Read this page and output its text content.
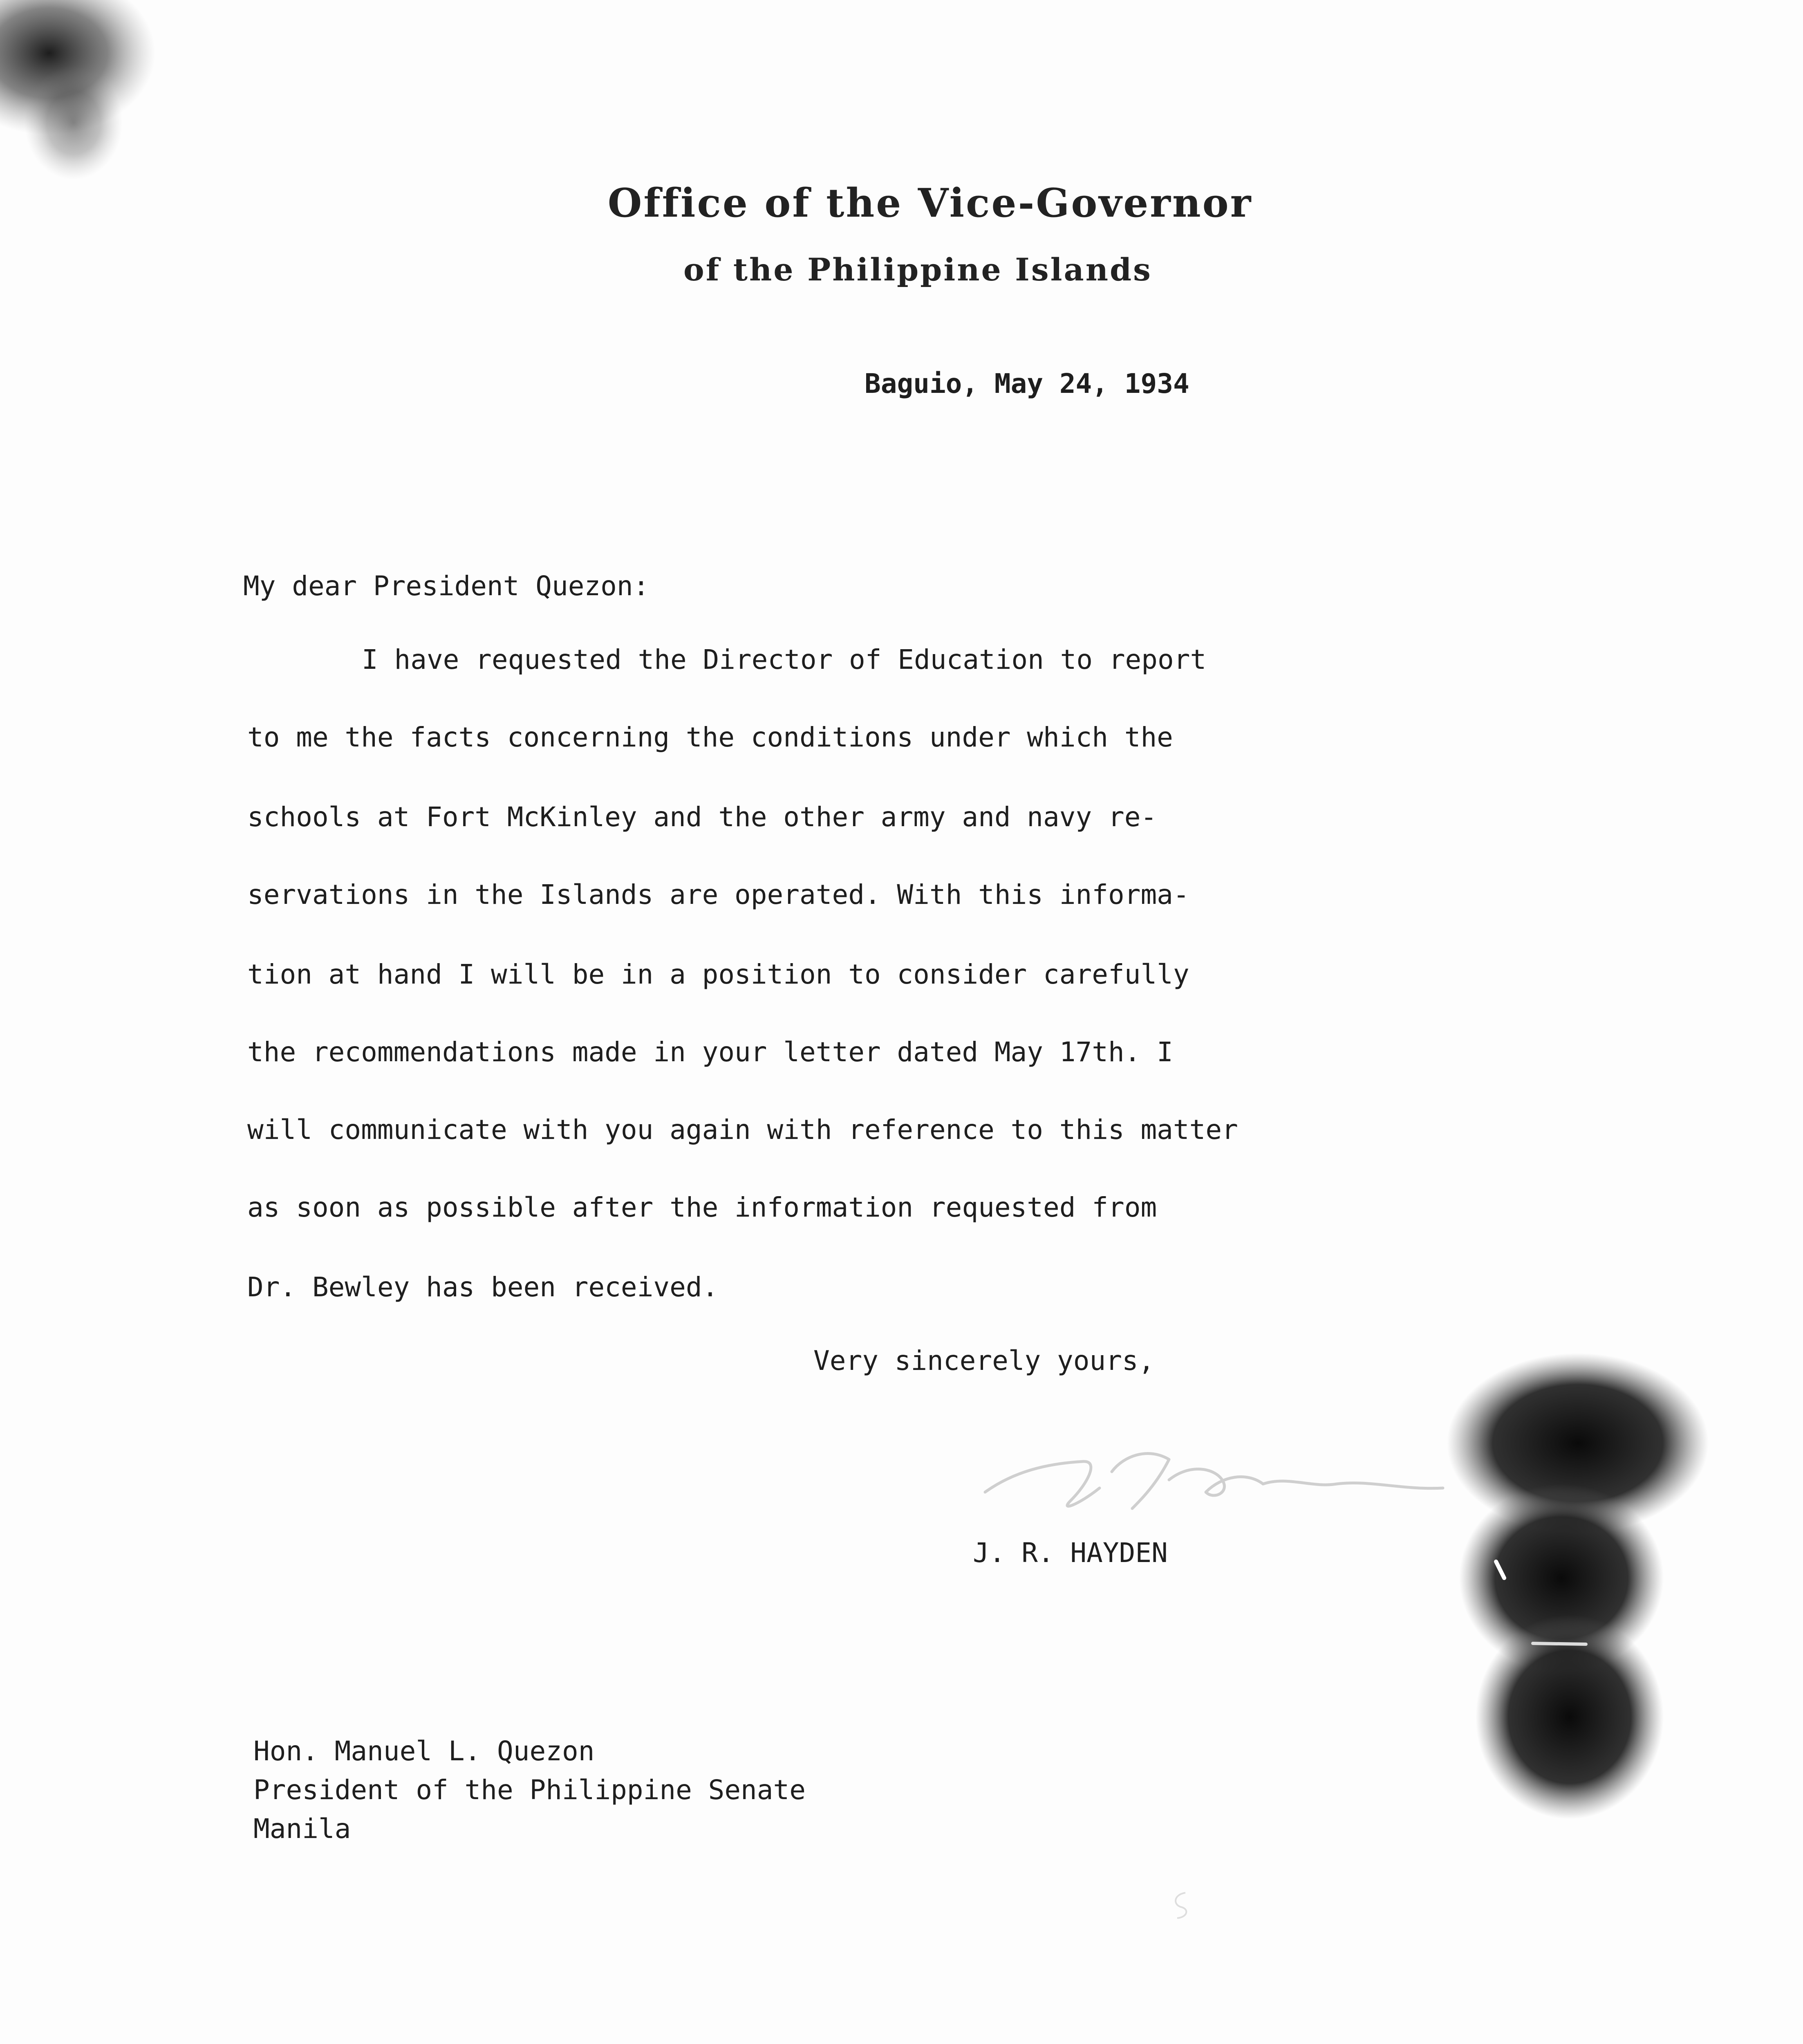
Office of the Vice-Governor
of the Philippine Islands

Baguio, May 24, 1934

My dear President Quezon:

I have requested the Director of Education to report

to me the facts concerning the conditions under which the

schools at Fort McKinley and the other army and navy re-

servations in the Islands are operated. With this informa-

tion at hand I will be in a position to consider carefully

the recommendations made in your letter dated May 17th. I

will communicate with you again with reference to this matter

as soon as possible after the information requested from

Dr. Bewley has been received.

Very sincerely yours,

J. R. HAYDEN

Hon. Manuel L. Quezon

President of the Philippine Senate

Manila
